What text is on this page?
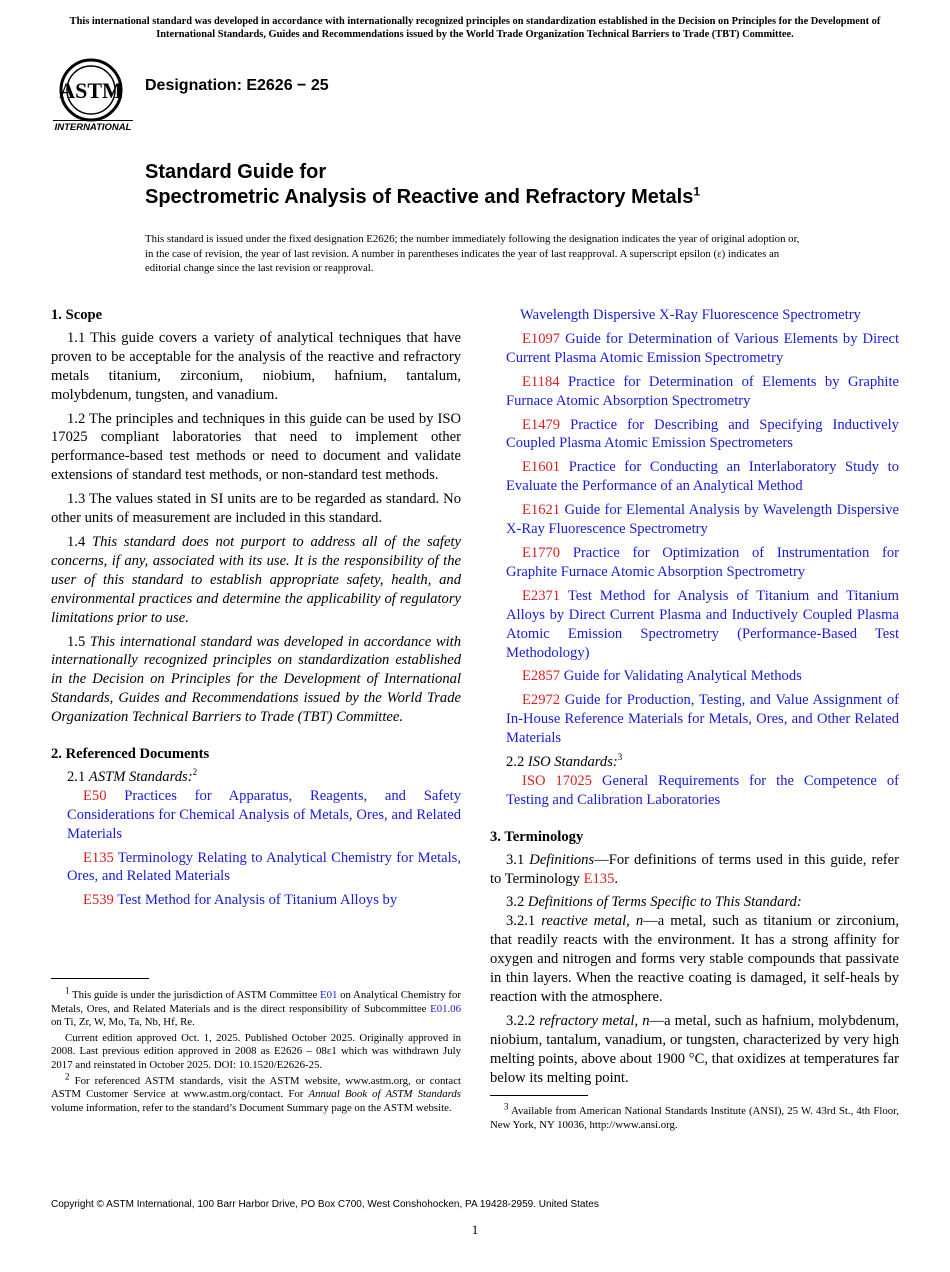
This international standard was developed in accordance with internationally recognized principles on standardization established in the Decision on Principles for the Development of International Standards, Guides and Recommendations issued by the World Trade Organization Technical Barriers to Trade (TBT) Committee.
ASTM
INTERNATIONAL
Designation: E2626 − 25
Standard Guide for
Spectrometric Analysis of Reactive and Refractory Metals$^1$
This standard is issued under the fixed designation E2626; the number immediately following the designation indicates the year of original adoption or, in the case of revision, the year of last revision. A number in parentheses indicates the year of last reapproval. A superscript epsilon (ε) indicates an editorial change since the last revision or reapproval.
1. Scope

1.1 This guide covers a variety of analytical techniques that have proven to be acceptable for the analysis of the reactive and refractory metals titanium, zirconium, niobium, hafnium, tantalum, molybdenum, tungsten, and vanadium.

1.2 The principles and techniques in this guide can be used by ISO 17025 compliant laboratories that need to implement other performance-based test methods or need to document and validate extensions of standard test methods, or non-standard test methods.

1.3 The values stated in SI units are to be regarded as standard. No other units of measurement are included in this standard.

1.4 This standard does not purport to address all of the safety concerns, if any, associated with its use. It is the responsibility of the user of this standard to establish appropriate safety, health, and environmental practices and determine the applicability of regulatory limitations prior to use.

1.5 This international standard was developed in accordance with internationally recognized principles on standardization established in the Decision on Principles for the Development of International Standards, Guides and Recommendations issued by the World Trade Organization Technical Barriers to Trade (TBT) Committee.

2. Referenced Documents

2.1 ASTM Standards:$^2$

E50 Practices for Apparatus, Reagents, and Safety Considerations for Chemical Analysis of Metals, Ores, and Related Materials

E135 Terminology Relating to Analytical Chemistry for Metals, Ores, and Related Materials

E539 Test Method for Analysis of Titanium Alloys by

$^1$ This guide is under the jurisdiction of ASTM Committee E01 on Analytical Chemistry for Metals, Ores, and Related Materials and is the direct responsibility of Subcommittee E01.06 on Ti, Zr, W, Mo, Ta, Nb, Hf, Re.

Current edition approved Oct. 1, 2025. Published October 2025. Originally approved in 2008. Last previous edition approved in 2008 as E2626 – 08ε1 which was withdrawn July 2017 and reinstated in October 2025. DOI: 10.1520/E2626-25.

$^2$ For referenced ASTM standards, visit the ASTM website, www.astm.org, or contact ASTM Customer Service at www.astm.org/contact. For Annual Book of ASTM Standards volume information, refer to the standard’s Document Summary page on the ASTM website.

Wavelength Dispersive X-Ray Fluorescence Spectrometry

E1097 Guide for Determination of Various Elements by Direct Current Plasma Atomic Emission Spectrometry

E1184 Practice for Determination of Elements by Graphite Furnace Atomic Absorption Spectrometry

E1479 Practice for Describing and Specifying Inductively Coupled Plasma Atomic Emission Spectrometers

E1601 Practice for Conducting an Interlaboratory Study to Evaluate the Performance of an Analytical Method

E1621 Guide for Elemental Analysis by Wavelength Dispersive X-Ray Fluorescence Spectrometry

E1770 Practice for Optimization of Instrumentation for Graphite Furnace Atomic Absorption Spectrometry

E2371 Test Method for Analysis of Titanium and Titanium Alloys by Direct Current Plasma and Inductively Coupled Plasma Atomic Emission Spectrometry (Performance-Based Test Methodology)

E2857 Guide for Validating Analytical Methods

E2972 Guide for Production, Testing, and Value Assignment of In-House Reference Materials for Metals, Ores, and Other Related Materials

2.2 ISO Standards:$^3$

ISO 17025 General Requirements for the Competence of Testing and Calibration Laboratories

3. Terminology

3.1 Definitions—For definitions of terms used in this guide, refer to Terminology E135.

3.2 Definitions of Terms Specific to This Standard:

3.2.1 reactive metal, n—a metal, such as titanium or zirconium, that readily reacts with the environment. It has a strong affinity for oxygen and nitrogen and forms very stable compounds that passivate in thin layers. When the reactive coating is damaged, it self-heals by reaction with the atmosphere.

3.2.2 refractory metal, n—a metal, such as hafnium, molybdenum, niobium, tantalum, vanadium, or tungsten, characterized by very high melting points, above about 1900 °C, that oxidizes at temperatures far below its melting point.

$^3$ Available from American National Standards Institute (ANSI), 25 W. 43rd St., 4th Floor, New York, NY 10036, http://www.ansi.org.

Copyright © ASTM International, 100 Barr Harbor Drive, PO Box C700, West Conshohocken, PA 19428-2959. United States
1
